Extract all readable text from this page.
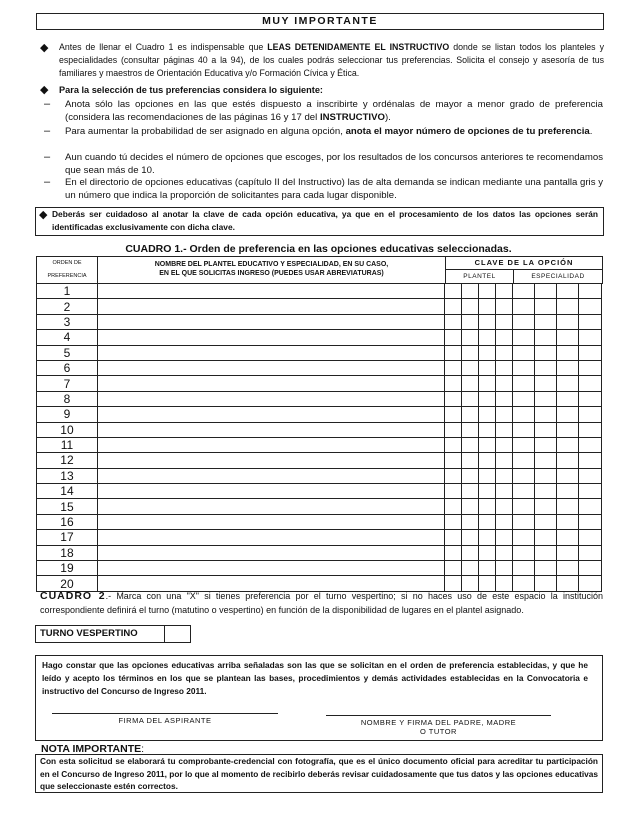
MUY IMPORTANTE
◆ Antes de llenar el Cuadro 1 es indispensable que LEAS DETENIDAMENTE EL INSTRUCTIVO donde se listan todos los planteles y especialidades (consultar páginas 40 a la 94), de los cuales podrás seleccionar tus preferencias. Solicita el consejo y asesoría de tus familiares y maestros de Orientación Educativa y/o Formación Cívica y Ética.
◆ Para la selección de tus preferencias considera lo siguiente:
– Anota sólo las opciones en las que estés dispuesto a inscribirte y ordénalas de mayor a menor grado de preferencia (considera las recomendaciones de las páginas 16 y 17 del INSTRUCTIVO).
– Para aumentar la probabilidad de ser asignado en alguna opción, anota el mayor número de opciones de tu preferencia.
– Aun cuando tú decides el número de opciones que escoges, por los resultados de los concursos anteriores te recomendamos que sean más de 10.
– En el directorio de opciones educativas (capítulo II del Instructivo) las de alta demanda se indican mediante una pantalla gris y un número que indica la proporción de solicitantes para cada lugar disponible.
◆ Deberás ser cuidadoso al anotar la clave de cada opción educativa, ya que en el procesamiento de los datos las opciones serán identificadas exclusivamente con dicha clave.
CUADRO 1.- Orden de preferencia en las opciones educativas seleccionadas.
ORDEN DE
PREFERENCIA
NOMBRE DEL PLANTEL EDUCATIVO Y ESPECIALIDAD, EN SU CASO,
EN EL QUE SOLICITAS INGRESO (PUEDES USAR ABREVIATURAS)
CLAVE DE LA OPCIÓN
PLANTEL	ESPECIALIDAD
1									
2									
3									
4									
5									
6									
7									
8									
9									
10									
11									
12									
13									
14									
15									
16									
17									
18									
19									
20									
CUADRO 2.- Marca con una "X" si tienes preferencia por el turno vespertino; si no haces uso de este espacio la institución correspondiente definirá el turno (matutino o vespertino) en función de la disponibilidad de lugares en el plantel asignado.
TURNO VESPERTINO
Hago constar que las opciones educativas arriba señaladas son las que se solicitan en el orden de preferencia establecidas, y que he leído y acepto los términos en los que se plantean las bases, procedimientos y demás actividades establecidas en la Convocatoria e instructivo del Concurso de Ingreso 2011.
FIRMA DEL ASPIRANTE	NOMBRE Y FIRMA DEL PADRE, MADRE
O TUTOR
NOTA IMPORTANTE:
Con esta solicitud se elaborará tu comprobante-credencial con fotografía, que es el único documento oficial para acreditar tu participación en el Concurso de Ingreso 2011, por lo que al momento de recibirlo deberás revisar cuidadosamente que tus datos y las opciones educativas que seleccionaste estén correctos.
